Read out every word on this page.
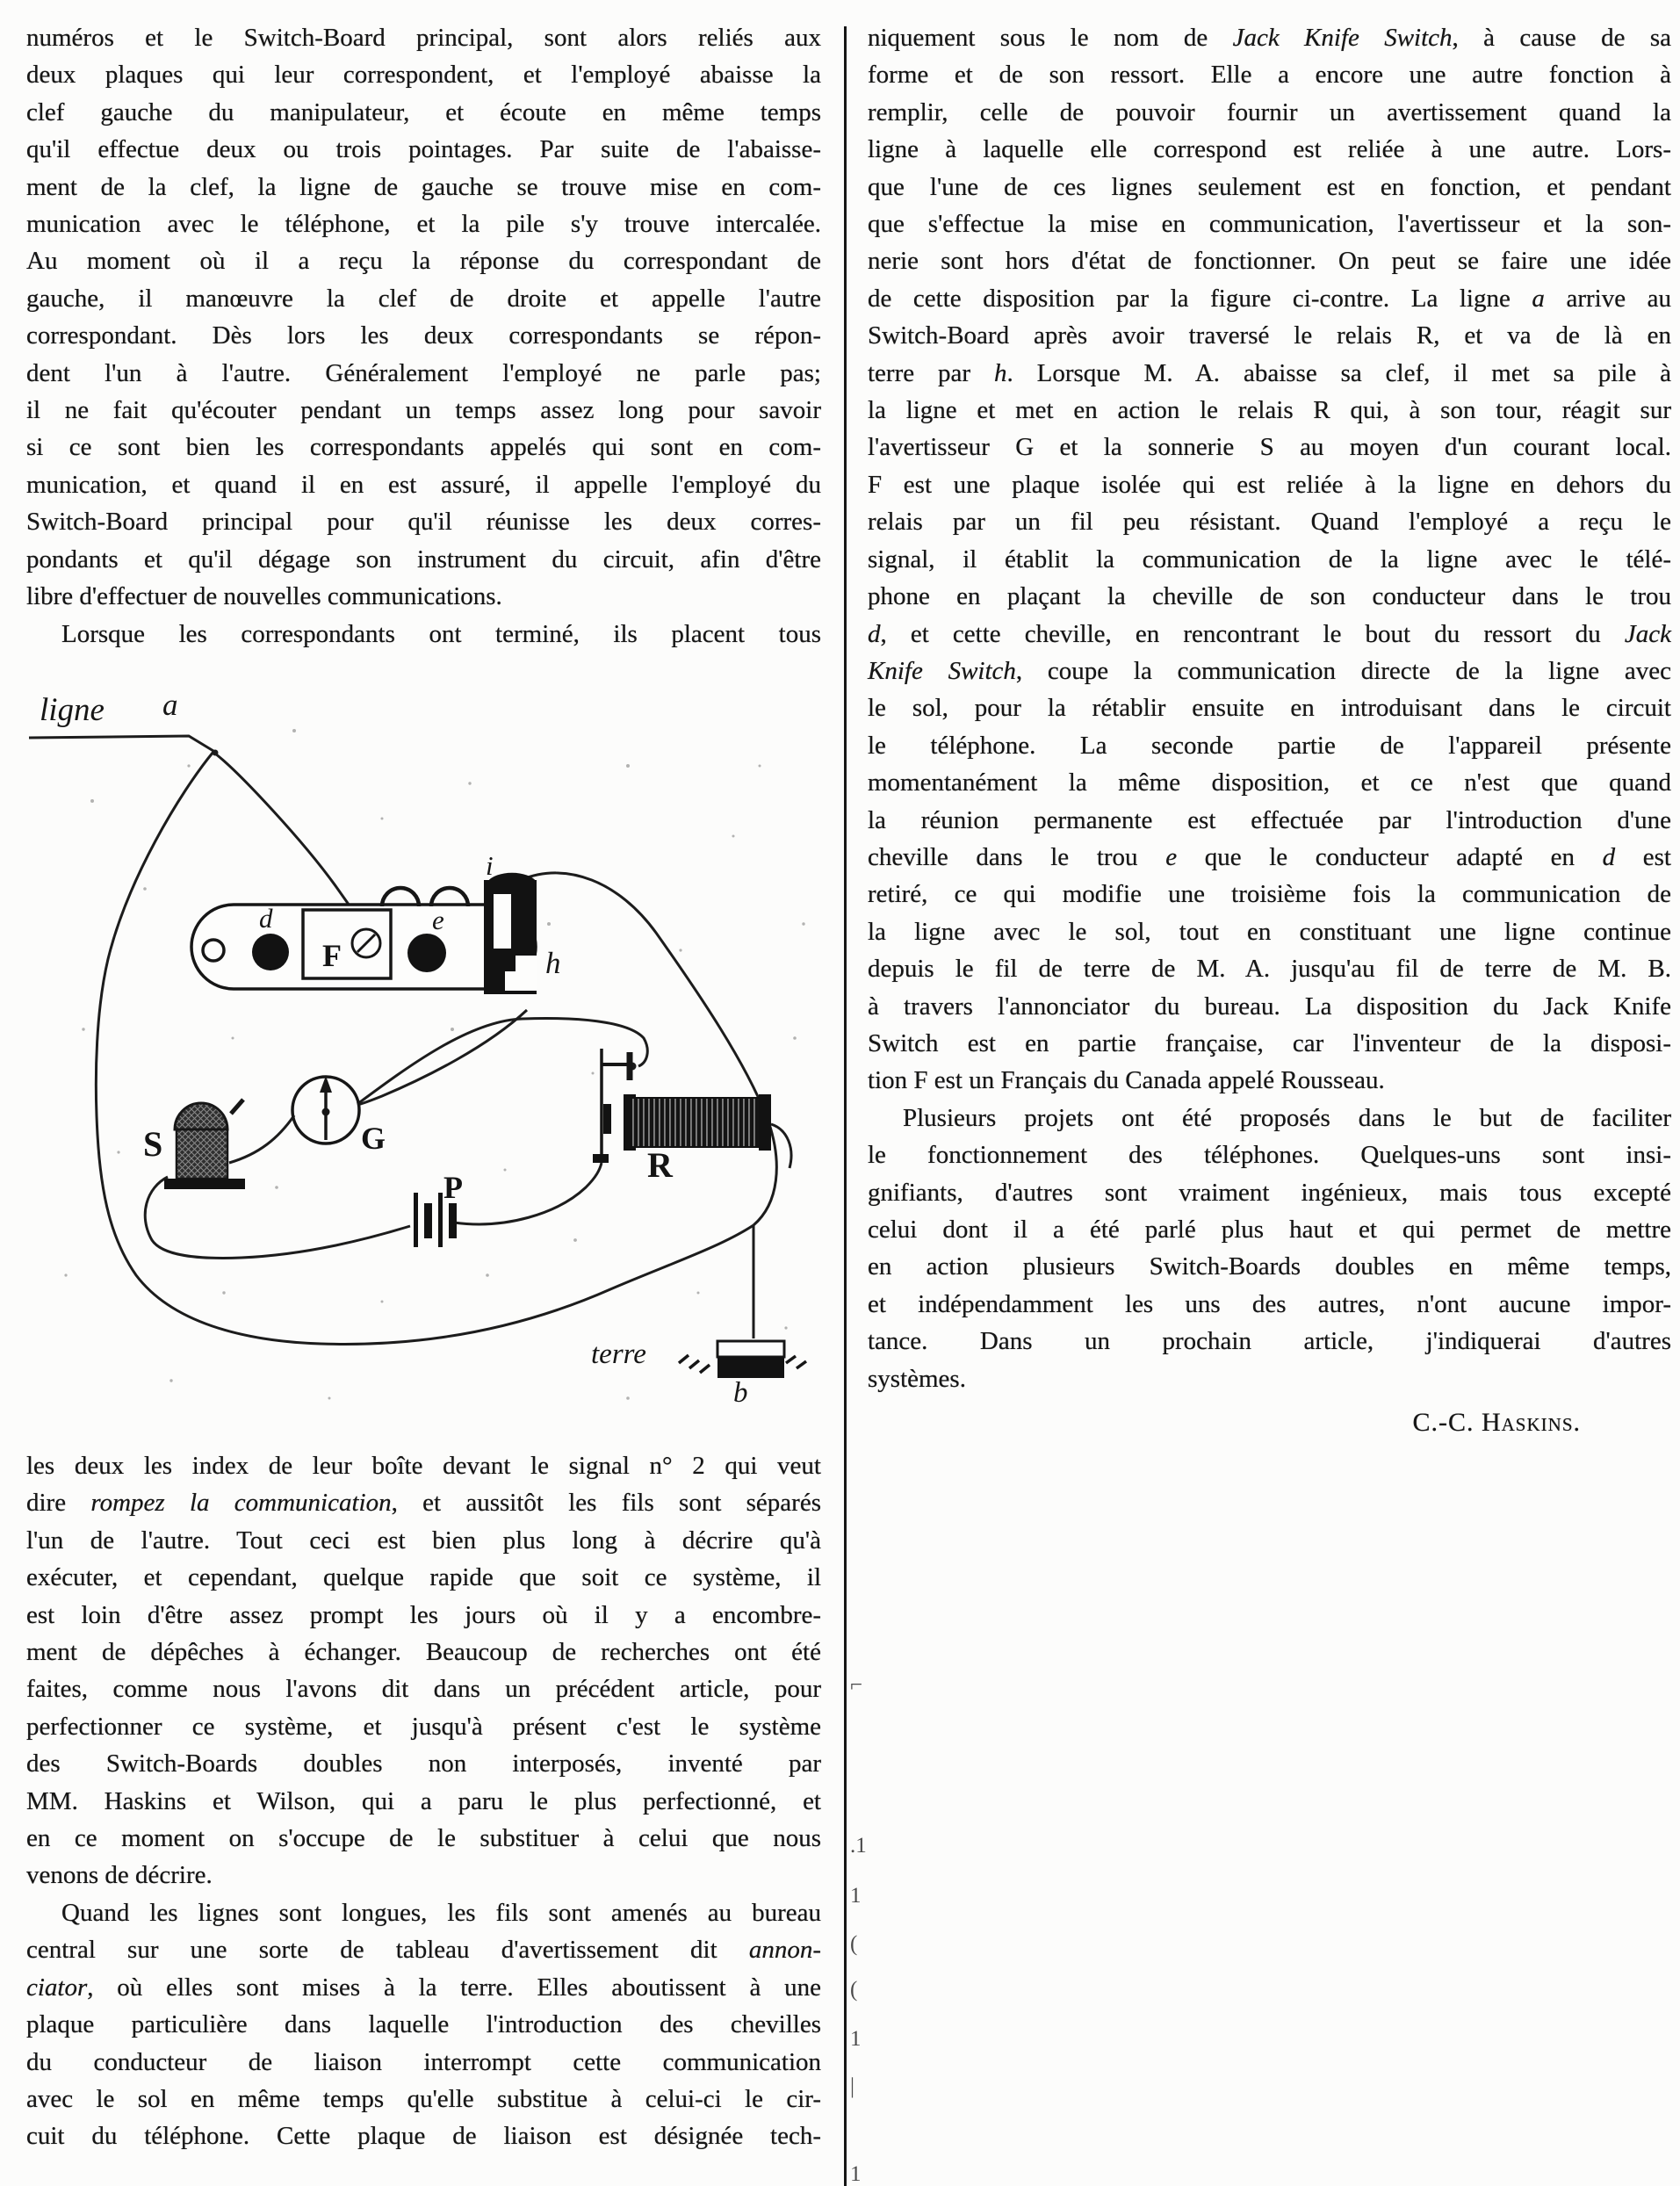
numéros et le Switch-Board principal, sont alors reliés aux
deux plaques qui leur correspondent, et l'employé abaisse la
clef gauche du manipulateur, et écoute en même temps
qu'il effectue deux ou trois pointages. Par suite de l'abaisse-
ment de la clef, la ligne de gauche se trouve mise en com-
munication avec le téléphone, et la pile s'y trouve intercalée.
Au moment où il a reçu la réponse du correspondant de
gauche, il manœuvre la clef de droite et appelle l'autre
correspondant. Dès lors les deux correspondants se répon-
dent l'un à l'autre. Généralement l'employé ne parle pas;
il ne fait qu'écouter pendant un temps assez long pour savoir
si ce sont bien les correspondants appelés qui sont en com-
munication, et quand il en est assuré, il appelle l'employé du
Switch-Board principal pour qu'il réunisse les deux corres-
pondants et qu'il dégage son instrument du circuit, afin d'être
libre d'effectuer de nouvelles communications.
Lorsque les correspondants ont terminé, ils placent tous
ligne a
d
F
e
i
h
S	G
P
R
terre
b
les deux les index de leur boîte devant le signal n° 2 qui veut
dire rompez la communication, et aussitôt les fils sont séparés
l'un de l'autre. Tout ceci est bien plus long à décrire qu'à
exécuter, et cependant, quelque rapide que soit ce système, il
est loin d'être assez prompt les jours où il y a encombre-
ment de dépêches à échanger. Beaucoup de recherches ont été
faites, comme nous l'avons dit dans un précédent article, pour
perfectionner ce système, et jusqu'à présent c'est le système
des Switch-Boards doubles non interposés, inventé par
MM. Haskins et Wilson, qui a paru le plus perfectionné, et
en ce moment on s'occupe de le substituer à celui que nous
venons de décrire.
Quand les lignes sont longues, les fils sont amenés au bureau
central sur une sorte de tableau d'avertissement dit annon-
ciator, où elles sont mises à la terre. Elles aboutissent à une
plaque particulière dans laquelle l'introduction des chevilles
du conducteur de liaison interrompt cette communication
avec le sol en même temps qu'elle substitue à celui-ci le cir-
cuit du téléphone. Cette plaque de liaison est désignée tech-
niquement sous le nom de Jack Knife Switch, à cause de sa
forme et de son ressort. Elle a encore une autre fonction à
remplir, celle de pouvoir fournir un avertissement quand la
ligne à laquelle elle correspond est reliée à une autre. Lors-
que l'une de ces lignes seulement est en fonction, et pendant
que s'effectue la mise en communication, l'avertisseur et la son-
nerie sont hors d'état de fonctionner. On peut se faire une idée
de cette disposition par la figure ci-contre. La ligne a arrive au
Switch-Board après avoir traversé le relais R, et va de là en
terre par h. Lorsque M. A. abaisse sa clef, il met sa pile à
la ligne et met en action le relais R qui, à son tour, réagit sur
l'avertisseur G et la sonnerie S au moyen d'un courant local.
F est une plaque isolée qui est reliée à la ligne en dehors du
relais par un fil peu résistant. Quand l'employé a reçu le
signal, il établit la communication de la ligne avec le télé-
phone en plaçant la cheville de son conducteur dans le trou
d, et cette cheville, en rencontrant le bout du ressort du Jack
Knife Switch, coupe la communication directe de la ligne avec
le sol, pour la rétablir ensuite en introduisant dans le circuit
le téléphone. La seconde partie de l'appareil présente
momentanément la même disposition, et ce n'est que quand
la réunion permanente est effectuée par l'introduction d'une
cheville dans le trou e que le conducteur adapté en d est
retiré, ce qui modifie une troisième fois la communication de
la ligne avec le sol, tout en constituant une ligne continue
depuis le fil de terre de M. A. jusqu'au fil de terre de M. B.
à travers l'annonciator du bureau. La disposition du Jack Knife
Switch est en partie française, car l'inventeur de la disposi-
tion F est un Français du Canada appelé Rousseau.
Plusieurs projets ont été proposés dans le but de faciliter
le fonctionnement des téléphones. Quelques-uns sont insi-
gnifiants, d'autres sont vraiment ingénieux, mais tous excepté
celui dont il a été parlé plus haut et qui permet de mettre
en action plusieurs Switch-Boards doubles en même temps,
et indépendamment les uns des autres, n'ont aucune impor-
tance. Dans un prochain article, j'indiquerai d'autres
systèmes.
C.-C. Haskins.
⌐
.1
1
(
(
1
|
1
